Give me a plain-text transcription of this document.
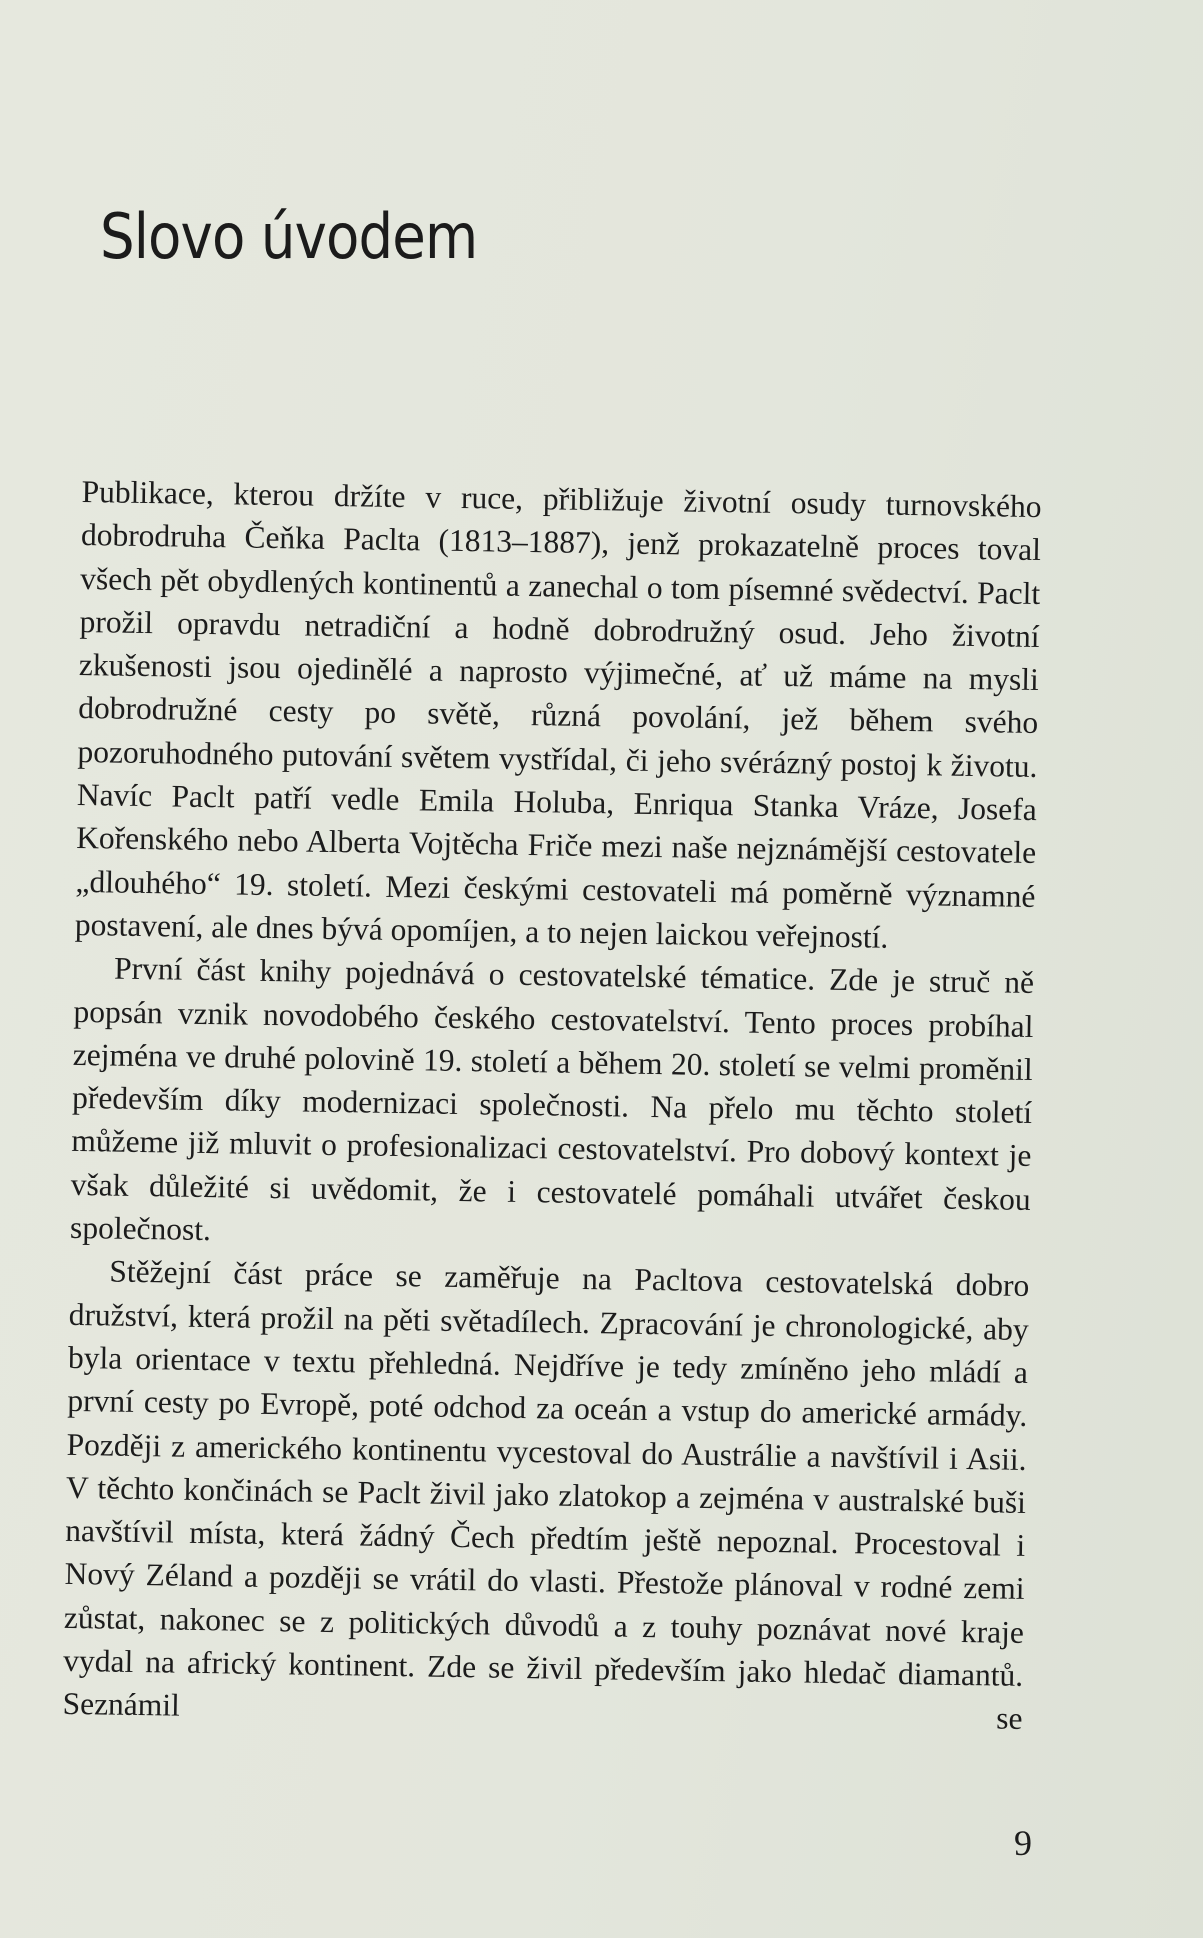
Slovo úvodem

Publikace, kterou držíte v ruce, přibližuje životní osudy turnovského dobrodruha Čeňka Paclta (1813–1887), jenž prokazatelně proces toval všech pět obydlených kontinentů a zanechal o tom písemné svědectví. Paclt prožil opravdu netradiční a hodně dobrodružný osud. Jeho životní zkušenosti jsou ojedinělé a naprosto výjimečné, ať už máme na mysli dobrodružné cesty po světě, různá povolání, jež během svého pozoruhodného putování světem vystřídal, či jeho svérázný postoj k životu. Navíc Paclt patří vedle Emila Holuba, Enriqua Stanka Vráze, Josefa Kořenského nebo Alberta Vojtěcha Friče mezi naše nejznámější cestovatele „dlouhého“ 19. století. Mezi českými cestovateli má poměrně významné postavení, ale dnes bývá opomíjen, a to nejen laickou veřejností.

První část knihy pojednává o cestovatelské tématice. Zde je struč ně popsán vznik novodobého českého cestovatelství. Tento proces probíhal zejména ve druhé polovině 19. století a během 20. století se velmi proměnil především díky modernizaci společnosti. Na přelo mu těchto století můžeme již mluvit o profesionalizaci cestovatelství. Pro dobový kontext je však důležité si uvědomit, že i cestovatelé pomáhali utvářet českou společnost.

Stěžejní část práce se zaměřuje na Pacltova cestovatelská dobro družství, která prožil na pěti světadílech. Zpracování je chronologické, aby byla orientace v textu přehledná. Nejdříve je tedy zmíněno jeho mládí a první cesty po Evropě, poté odchod za oceán a vstup do americké armády. Později z amerického kontinentu vycestoval do Austrálie a navštívil i Asii. V těchto končinách se Paclt živil jako zlatokop a zejména v australské buši navštívil místa, která žádný Čech předtím ještě nepoznal. Procestoval i Nový Zéland a později se vrátil do vlasti. Přestože plánoval v rodné zemi zůstat, nakonec se z politických důvodů a z touhy poznávat nové kraje vydal na africký kontinent. Zde se živil především jako hledač diamantů. Seznámil se

9
